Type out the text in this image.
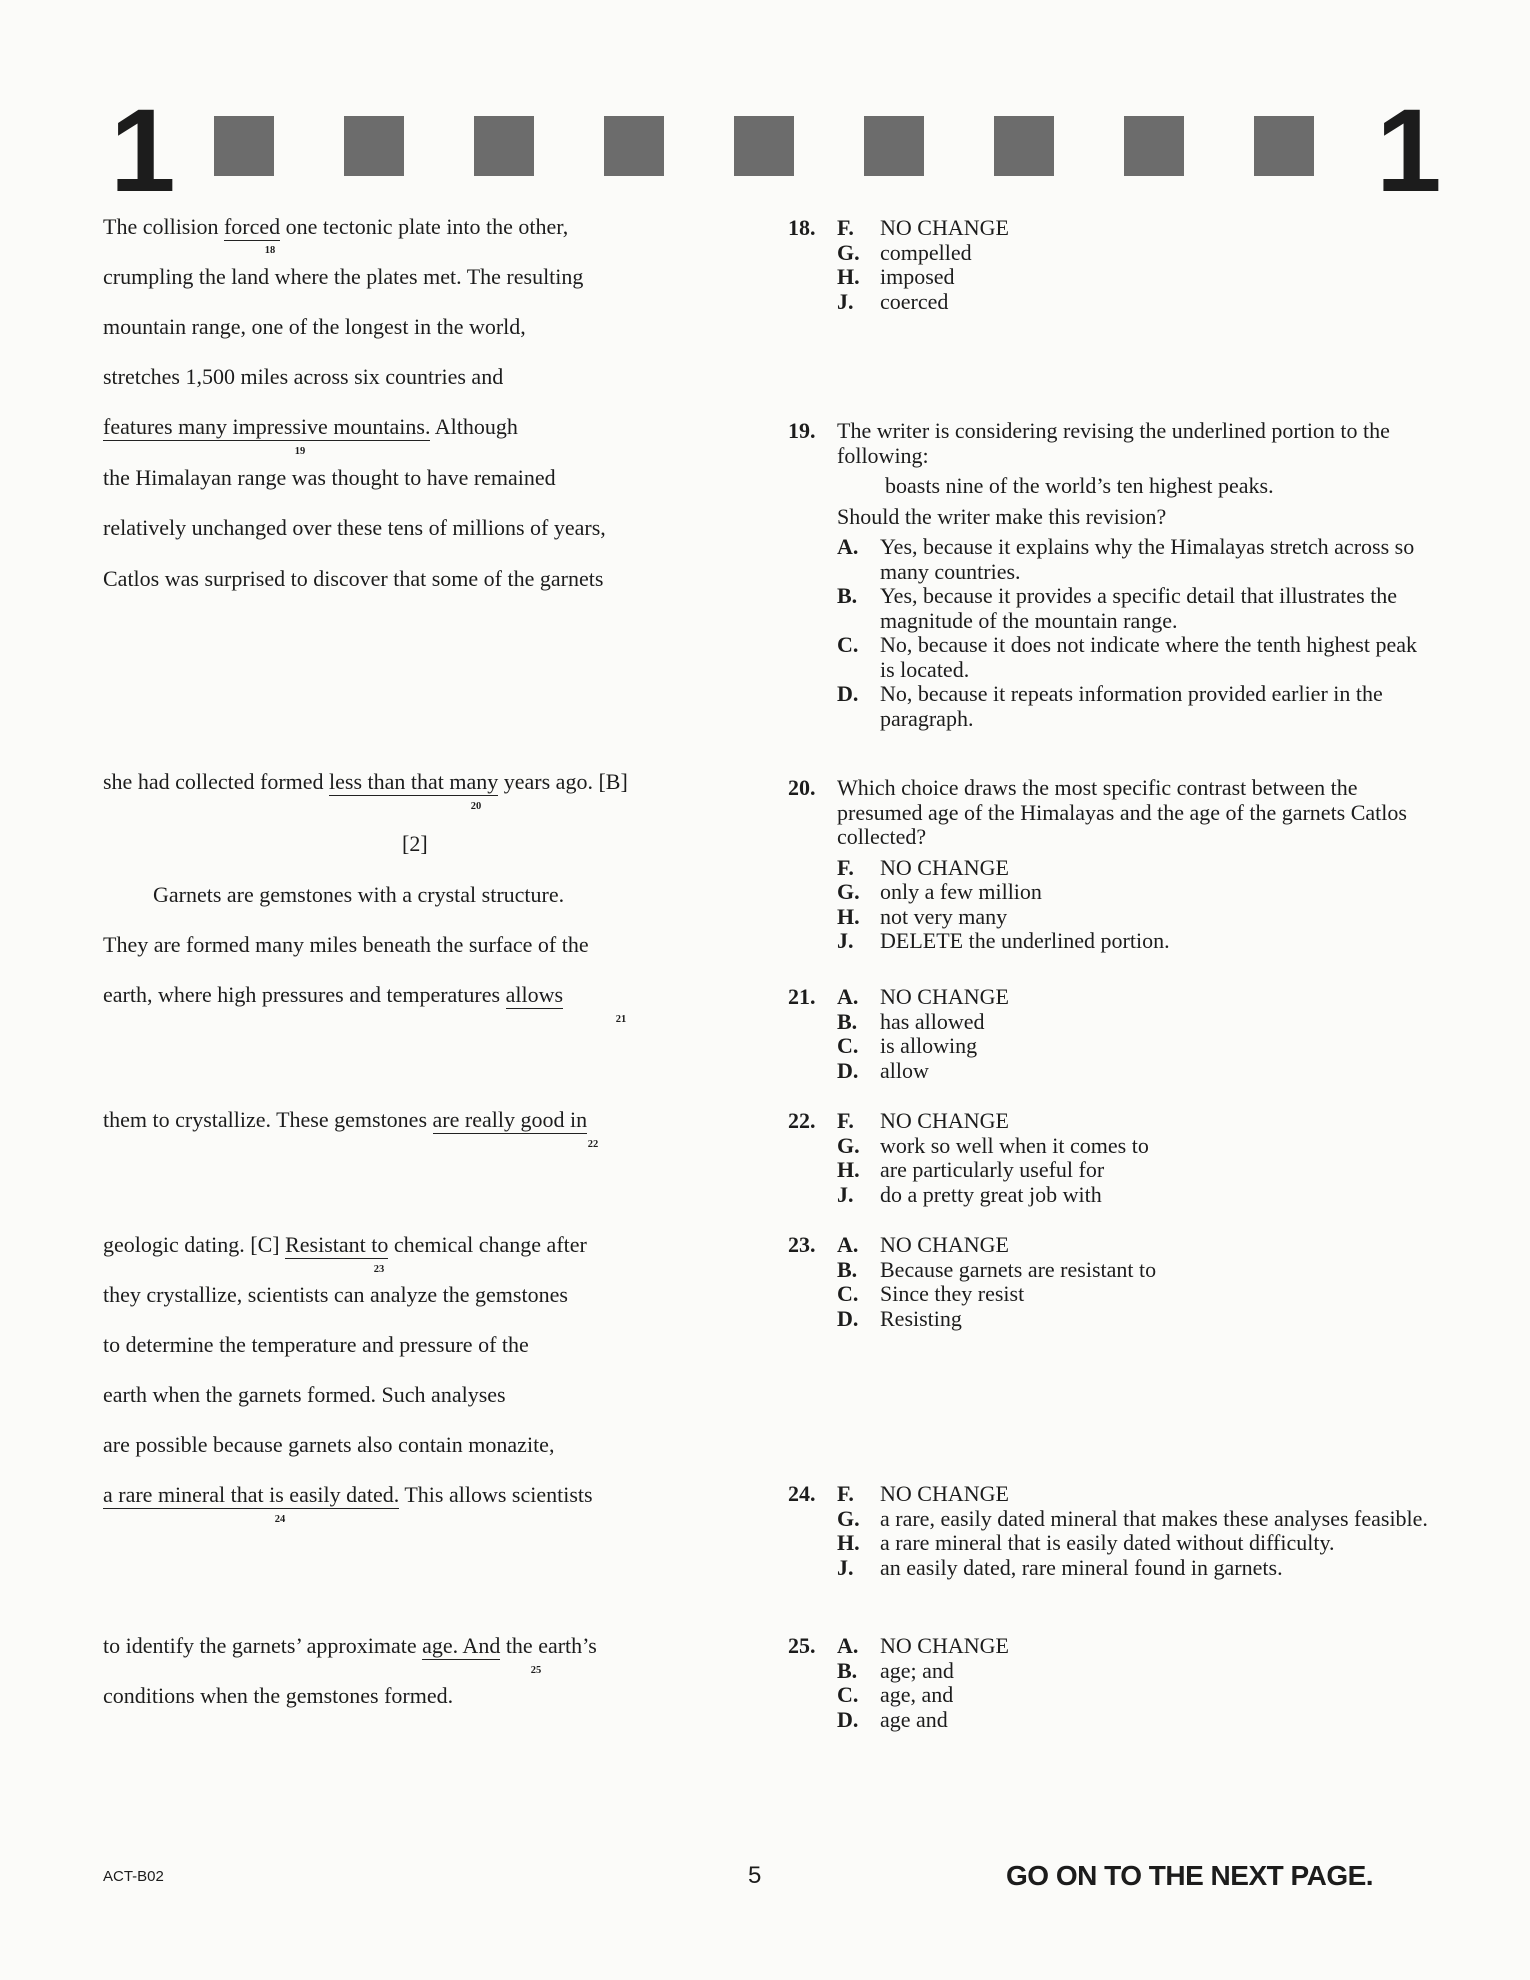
1	1
The collision forced one tectonic plate into the other,
18
crumpling the land where the plates met. The resulting
mountain range, one of the longest in the world,
stretches 1,500 miles across six countries and
features many impressive mountains. Although
19
the Himalayan range was thought to have remained
relatively unchanged over these tens of millions of years,
Catlos was surprised to discover that some of the garnets
she had collected formed less than that many years ago. [B]
20
[2]
Garnets are gemstones with a crystal structure.
They are formed many miles beneath the surface of the
earth, where high pressures and temperatures allows
21
them to crystallize. These gemstones are really good in
22
geologic dating. [C] Resistant to chemical change after
23
they crystallize, scientists can analyze the gemstones
to determine the temperature and pressure of the
earth when the garnets formed. Such analyses
are possible because garnets also contain monazite,
a rare mineral that is easily dated. This allows scientists
24
to identify the garnets’ approximate age. And the earth’s
25
conditions when the gemstones formed.
18. F.	NO CHANGE
G. compelled
H. imposed
J.	coerced
19. The writer is considering revising the underlined portion to the following:
boasts nine of the world’s ten highest peaks.
Should the writer make this revision?
A. Yes, because it explains why the Himalayas stretch across so many countries.
B.	Yes, because it provides a specific detail that illustrates the magnitude of the mountain range.
C. No, because it does not indicate where the tenth highest peak is located.
D. No, because it repeats information provided earlier in the paragraph.
20. Which choice draws the most specific contrast between the presumed age of the Himalayas and the age of the garnets Catlos collected?
F.	NO CHANGE
G. only a few million
H. not very many
J.	DELETE the underlined portion.
21. A. NO CHANGE
B.	has allowed
C. is allowing
D. allow
22. F.	NO CHANGE
G. work so well when it comes to
H. are particularly useful for
J.	do a pretty great job with
23. A. NO CHANGE
B.	Because garnets are resistant to
C. Since they resist
D. Resisting
24. F.	NO CHANGE
G. a rare, easily dated mineral that makes these analyses feasible.
H. a rare mineral that is easily dated without difficulty.
J.	an easily dated, rare mineral found in garnets.
25. A. NO CHANGE
B.	age; and
C. age, and
D. age and
ACT-B02	5	GO ON TO THE NEXT PAGE.
